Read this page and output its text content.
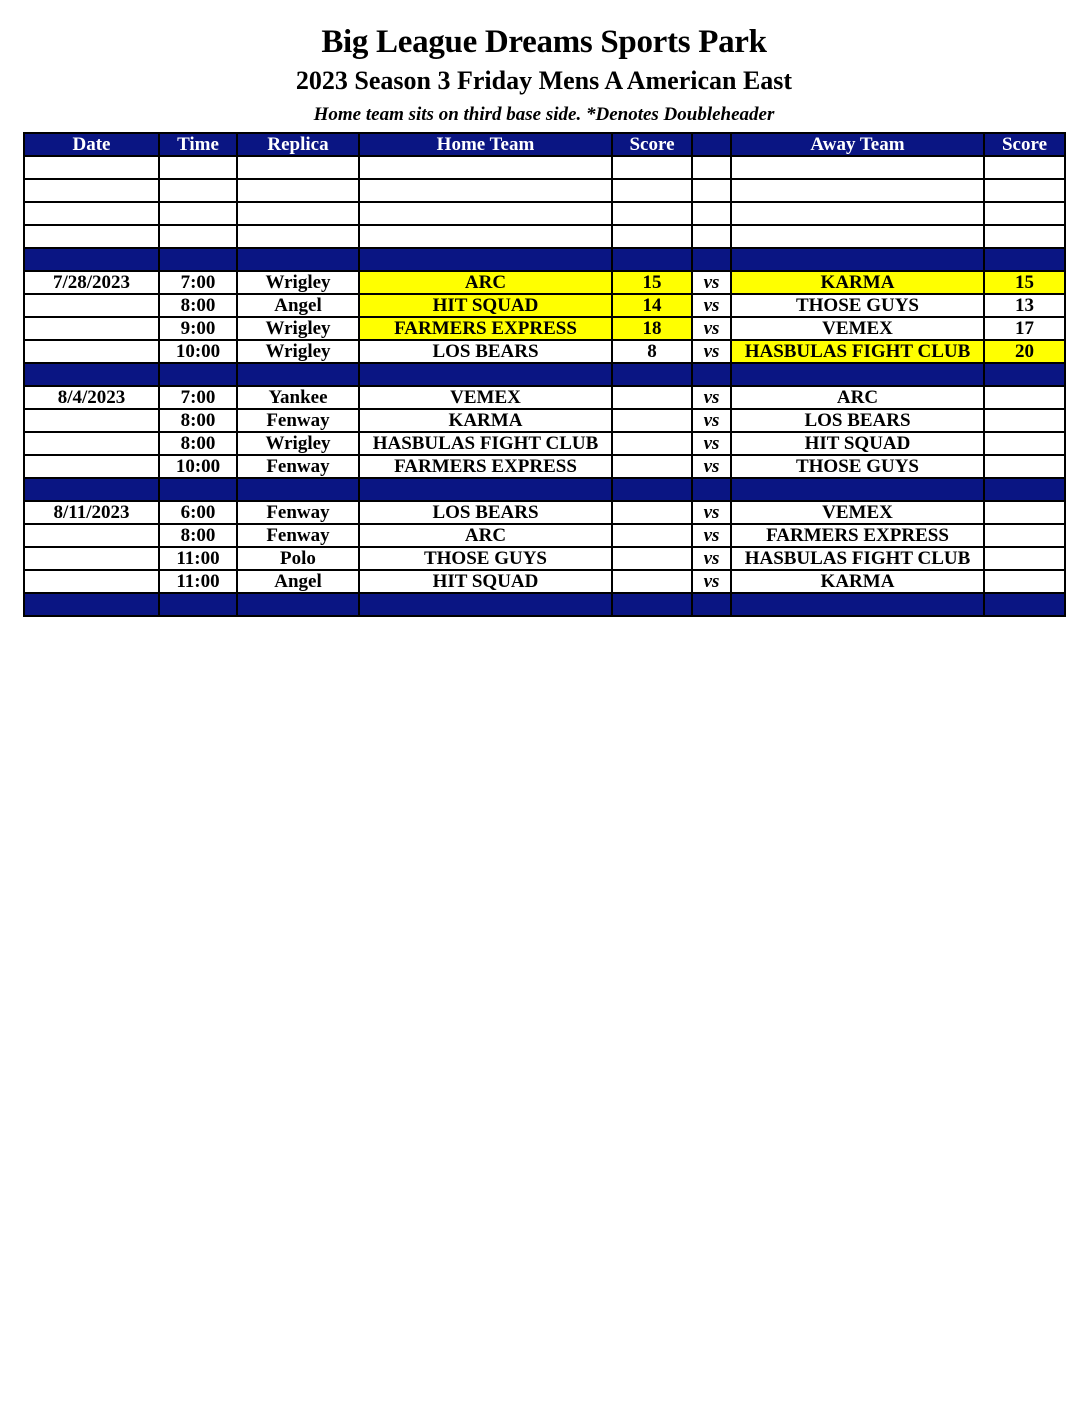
Big League Dreams Sports Park
2023 Season 3 Friday Mens A American East
Home team sits on third base side. *Denotes Doubleheader
Date	Time	Replica	Home Team	Score		Away Team	Score

7/28/2023	7:00	Wrigley	ARC	15	vs	KARMA	15
	8:00	Angel	HIT SQUAD	14	vs	THOSE GUYS	13
	9:00	Wrigley	FARMERS EXPRESS	18	vs	VEMEX	17
	10:00	Wrigley	LOS BEARS	8	vs	HASBULAS FIGHT CLUB	20

8/4/2023	7:00	Yankee	VEMEX		vs	ARC	
	8:00	Fenway	KARMA		vs	LOS BEARS	
	8:00	Wrigley	HASBULAS FIGHT CLUB		vs	HIT SQUAD	
	10:00	Fenway	FARMERS EXPRESS		vs	THOSE GUYS	

8/11/2023	6:00	Fenway	LOS BEARS		vs	VEMEX	
	8:00	Fenway	ARC		vs	FARMERS EXPRESS	
	11:00	Polo	THOSE GUYS		vs	HASBULAS FIGHT CLUB	
	11:00	Angel	HIT SQUAD		vs	KARMA	
